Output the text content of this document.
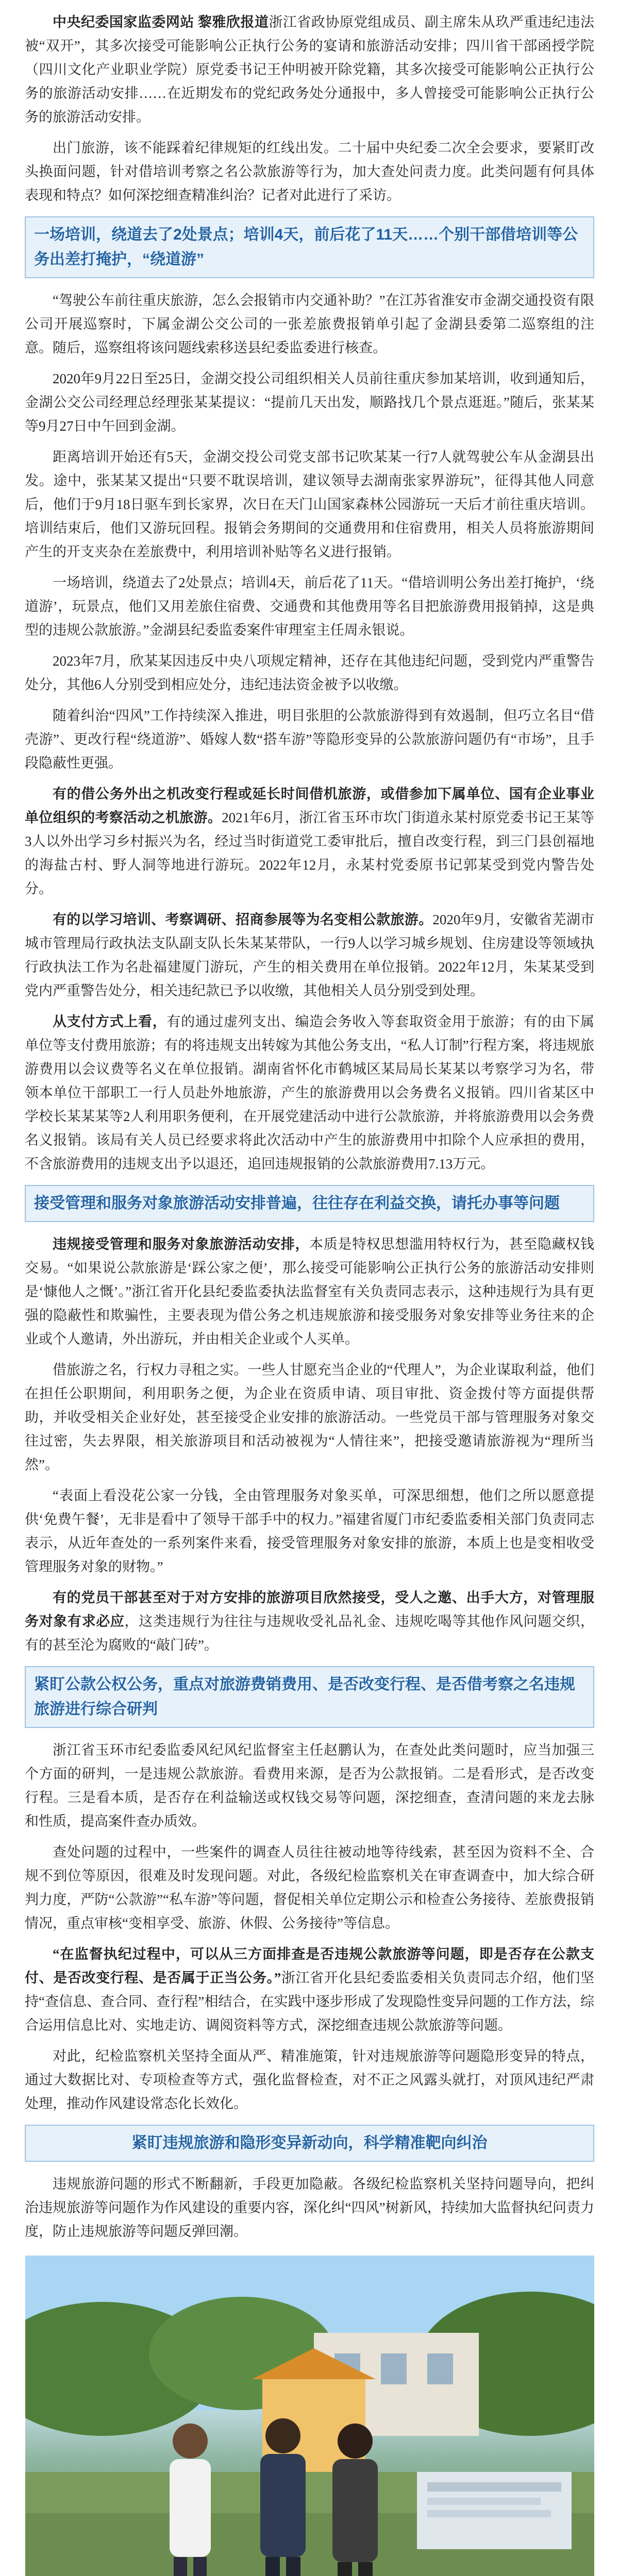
中央纪委国家监委网站 黎雅欣报道浙江省政协原党组成员、副主席朱从玖严重违纪违法被“双开”，其多次接受可能影响公正执行公务的宴请和旅游活动安排；四川省干部函授学院（四川文化产业职业学院）原党委书记王仲明被开除党籍，其多次接受可能影响公正执行公务的旅游活动安排……在近期发布的党纪政务处分通报中，多人曾接受可能影响公正执行公务的旅游活动安排。

出门旅游，该不能踩着纪律规矩的红线出发。二十届中央纪委二次全会要求，要紧盯改头换面问题，针对借培训考察之名公款旅游等行为，加大查处问责力度。此类问题有何具体表现和特点？如何深挖细查精准纠治？记者对此进行了采访。

一场培训，绕道去了2处景点；培训4天，前后花了11天……个别干部借培训等公务出差打掩护，“绕道游”

“驾驶公车前往重庆旅游，怎么会报销市内交通补助？”在江苏省淮安市金湖交通投资有限公司开展巡察时，下属金湖公交公司的一张差旅费报销单引起了金湖县委第二巡察组的注意。随后，巡察组将该问题线索移送县纪委监委进行核查。

2020年9月22日至25日，金湖交投公司组织相关人员前往重庆参加某培训，收到通知后，金湖公交公司经理总经理张某某提议：“提前几天出发，顺路找几个景点逛逛。”随后，张某某等9月27日中午回到金湖。

距离培训开始还有5天，金湖交投公司党支部书记吹某某一行7人就驾驶公车从金湖县出发。途中，张某某又提出“只要不耽误培训，建议领导去湖南张家界游玩”，征得其他人同意后，他们于9月18日驱车到长家界，次日在天门山国家森林公园游玩一天后才前往重庆培训。培训结束后，他们又游玩回程。报销会务期间的交通费用和住宿费用，相关人员将旅游期间产生的开支夹杂在差旅费中，利用培训补贴等名义进行报销。

一场培训，绕道去了2处景点；培训4天，前后花了11天。“借培训明公务出差打掩护，‘绕道游’，玩景点，他们又用差旅住宿费、交通费和其他费用等名目把旅游费用报销掉，这是典型的违规公款旅游。”金湖县纪委监委案件审理室主任周永银说。

2023年7月，欣某某因违反中央八项规定精神，还存在其他违纪问题，受到党内严重警告处分，其他6人分别受到相应处分，违纪违法资金被予以收缴。

随着纠治“四风”工作持续深入推进，明目张胆的公款旅游得到有效遏制，但巧立名目“借壳游”、更改行程“绕道游”、婚嫁人数“搭车游”等隐形变异的公款旅游问题仍有“市场”，且手段隐蔽性更强。

有的借公务外出之机改变行程或延长时间借机旅游，或借参加下属单位、国有企业事业单位组织的考察活动之机旅游。2021年6月，浙江省玉环市坎门街道永某村原党委书记王某等3人以外出学习乡村振兴为名，经过当时街道党工委审批后，擅自改变行程，到三门县创福地的海盐古村、野人洞等地进行游玩。2022年12月，永某村党委原书记郭某受到党内警告处分。

有的以学习培训、考察调研、招商参展等为名变相公款旅游。2020年9月，安徽省芜湖市城市管理局行政执法支队副支队长朱某某带队，一行9人以学习城乡规划、住房建设等领域执行政执法工作为名赴福建厦门游玩，产生的相关费用在单位报销。2022年12月，朱某某受到党内严重警告处分，相关违纪款已予以收缴，其他相关人员分别受到处理。

从支付方式上看，有的通过虚列支出、编造会务收入等套取资金用于旅游；有的由下属单位等支付费用旅游；有的将违规支出转嫁为其他公务支出，“私人订制”行程方案，将违规旅游费用以会议费等名义在单位报销。湖南省怀化市鹤城区某局局长某某以考察学习为名，带领本单位干部职工一行人员赴外地旅游，产生的旅游费用以会务费名义报销。四川省某区中学校长某某某等2人利用职务便利，在开展党建活动中进行公款旅游，并将旅游费用以会务费名义报销。该局有关人员已经要求将此次活动中产生的旅游费用中扣除个人应承担的费用，不含旅游费用的违规支出予以退还，追回违规报销的公款旅游费用7.13万元。

接受管理和服务对象旅游活动安排普遍，往往存在利益交换，请托办事等问题

违规接受管理和服务对象旅游活动安排，本质是特权思想滥用特权行为，甚至隐藏权钱交易。“如果说公款旅游是‘踩公家之便’，那么接受可能影响公正执行公务的旅游活动安排则是‘慷他人之慨’。”浙江省开化县纪委监委执法监督室有关负责同志表示，这种违规行为具有更强的隐蔽性和欺骗性，主要表现为借公务之机违规旅游和接受服务对象安排等业务往来的企业或个人邀请，外出游玩，并由相关企业或个人买单。

借旅游之名，行权力寻租之实。一些人甘愿充当企业的“代理人”，为企业谋取利益，他们在担任公职期间，利用职务之便，为企业在资质申请、项目审批、资金拨付等方面提供帮助，并收受相关企业好处，甚至接受企业安排的旅游活动。一些党员干部与管理服务对象交往过密，失去界限，相关旅游项目和活动被视为“人情往来”，把接受邀请旅游视为“理所当然”。

“表面上看没花公家一分钱，全由管理服务对象买单，可深思细想，他们之所以愿意提供‘免费午餐’，无非是看中了领导干部手中的权力。”福建省厦门市纪委监委相关部门负责同志表示，从近年查处的一系列案件来看，接受管理服务对象安排的旅游，本质上也是变相收受管理服务对象的财物。”

有的党员干部甚至对于对方安排的旅游项目欣然接受，受人之邀、出手大方，对管理服务对象有求必应，这类违规行为往往与违规收受礼品礼金、违规吃喝等其他作风问题交织，有的甚至沦为腐败的“敲门砖”。

紧盯公款公权公务，重点对旅游费销费用、是否改变行程、是否借考察之名违规旅游进行综合研判

浙江省玉环市纪委监委风纪风纪监督室主任赵鹏认为，在查处此类问题时，应当加强三个方面的研判，一是违规公款旅游。看费用来源，是否为公款报销。二是看形式，是否改变行程。三是看本质，是否存在利益输送或权钱交易等问题，深挖细查，查清问题的来龙去脉和性质，提高案件查办质效。

查处问题的过程中，一些案件的调查人员往往被动地等待线索，甚至因为资料不全、合规不到位等原因，很难及时发现问题。对此，各级纪检监察机关在审查调查中，加大综合研判力度，严防“公款游”“私车游”等问题，督促相关单位定期公示和检查公务接待、差旅费报销情况，重点审核“变相享受、旅游、休假、公务接待”等信息。

“在监督执纪过程中，可以从三方面排查是否违规公款旅游等问题，即是否存在公款支付、是否改变行程、是否属于正当公务。”浙江省开化县纪委监委相关负责同志介绍，他们坚持“查信息、查合同、查行程”相结合，在实践中逐步形成了发现隐性变异问题的工作方法，综合运用信息比对、实地走访、调阅资料等方式，深挖细查违规公款旅游等问题。

对此，纪检监察机关坚持全面从严、精准施策，针对违规旅游等问题隐形变异的特点，通过大数据比对、专项检查等方式，强化监督检查，对不正之风露头就打，对顶风违纪严肃处理，推动作风建设常态化长效化。

紧盯违规旅游和隐形变异新动向，科学精准靶向纠治

违规旅游问题的形式不断翻新，手段更加隐蔽。各级纪检监察机关坚持问题导向，把纠治违规旅游等问题作为作风建设的重要内容，深化纠“四风”树新风，持续加大监督执纪问责力度，防止违规旅游等问题反弹回潮。
